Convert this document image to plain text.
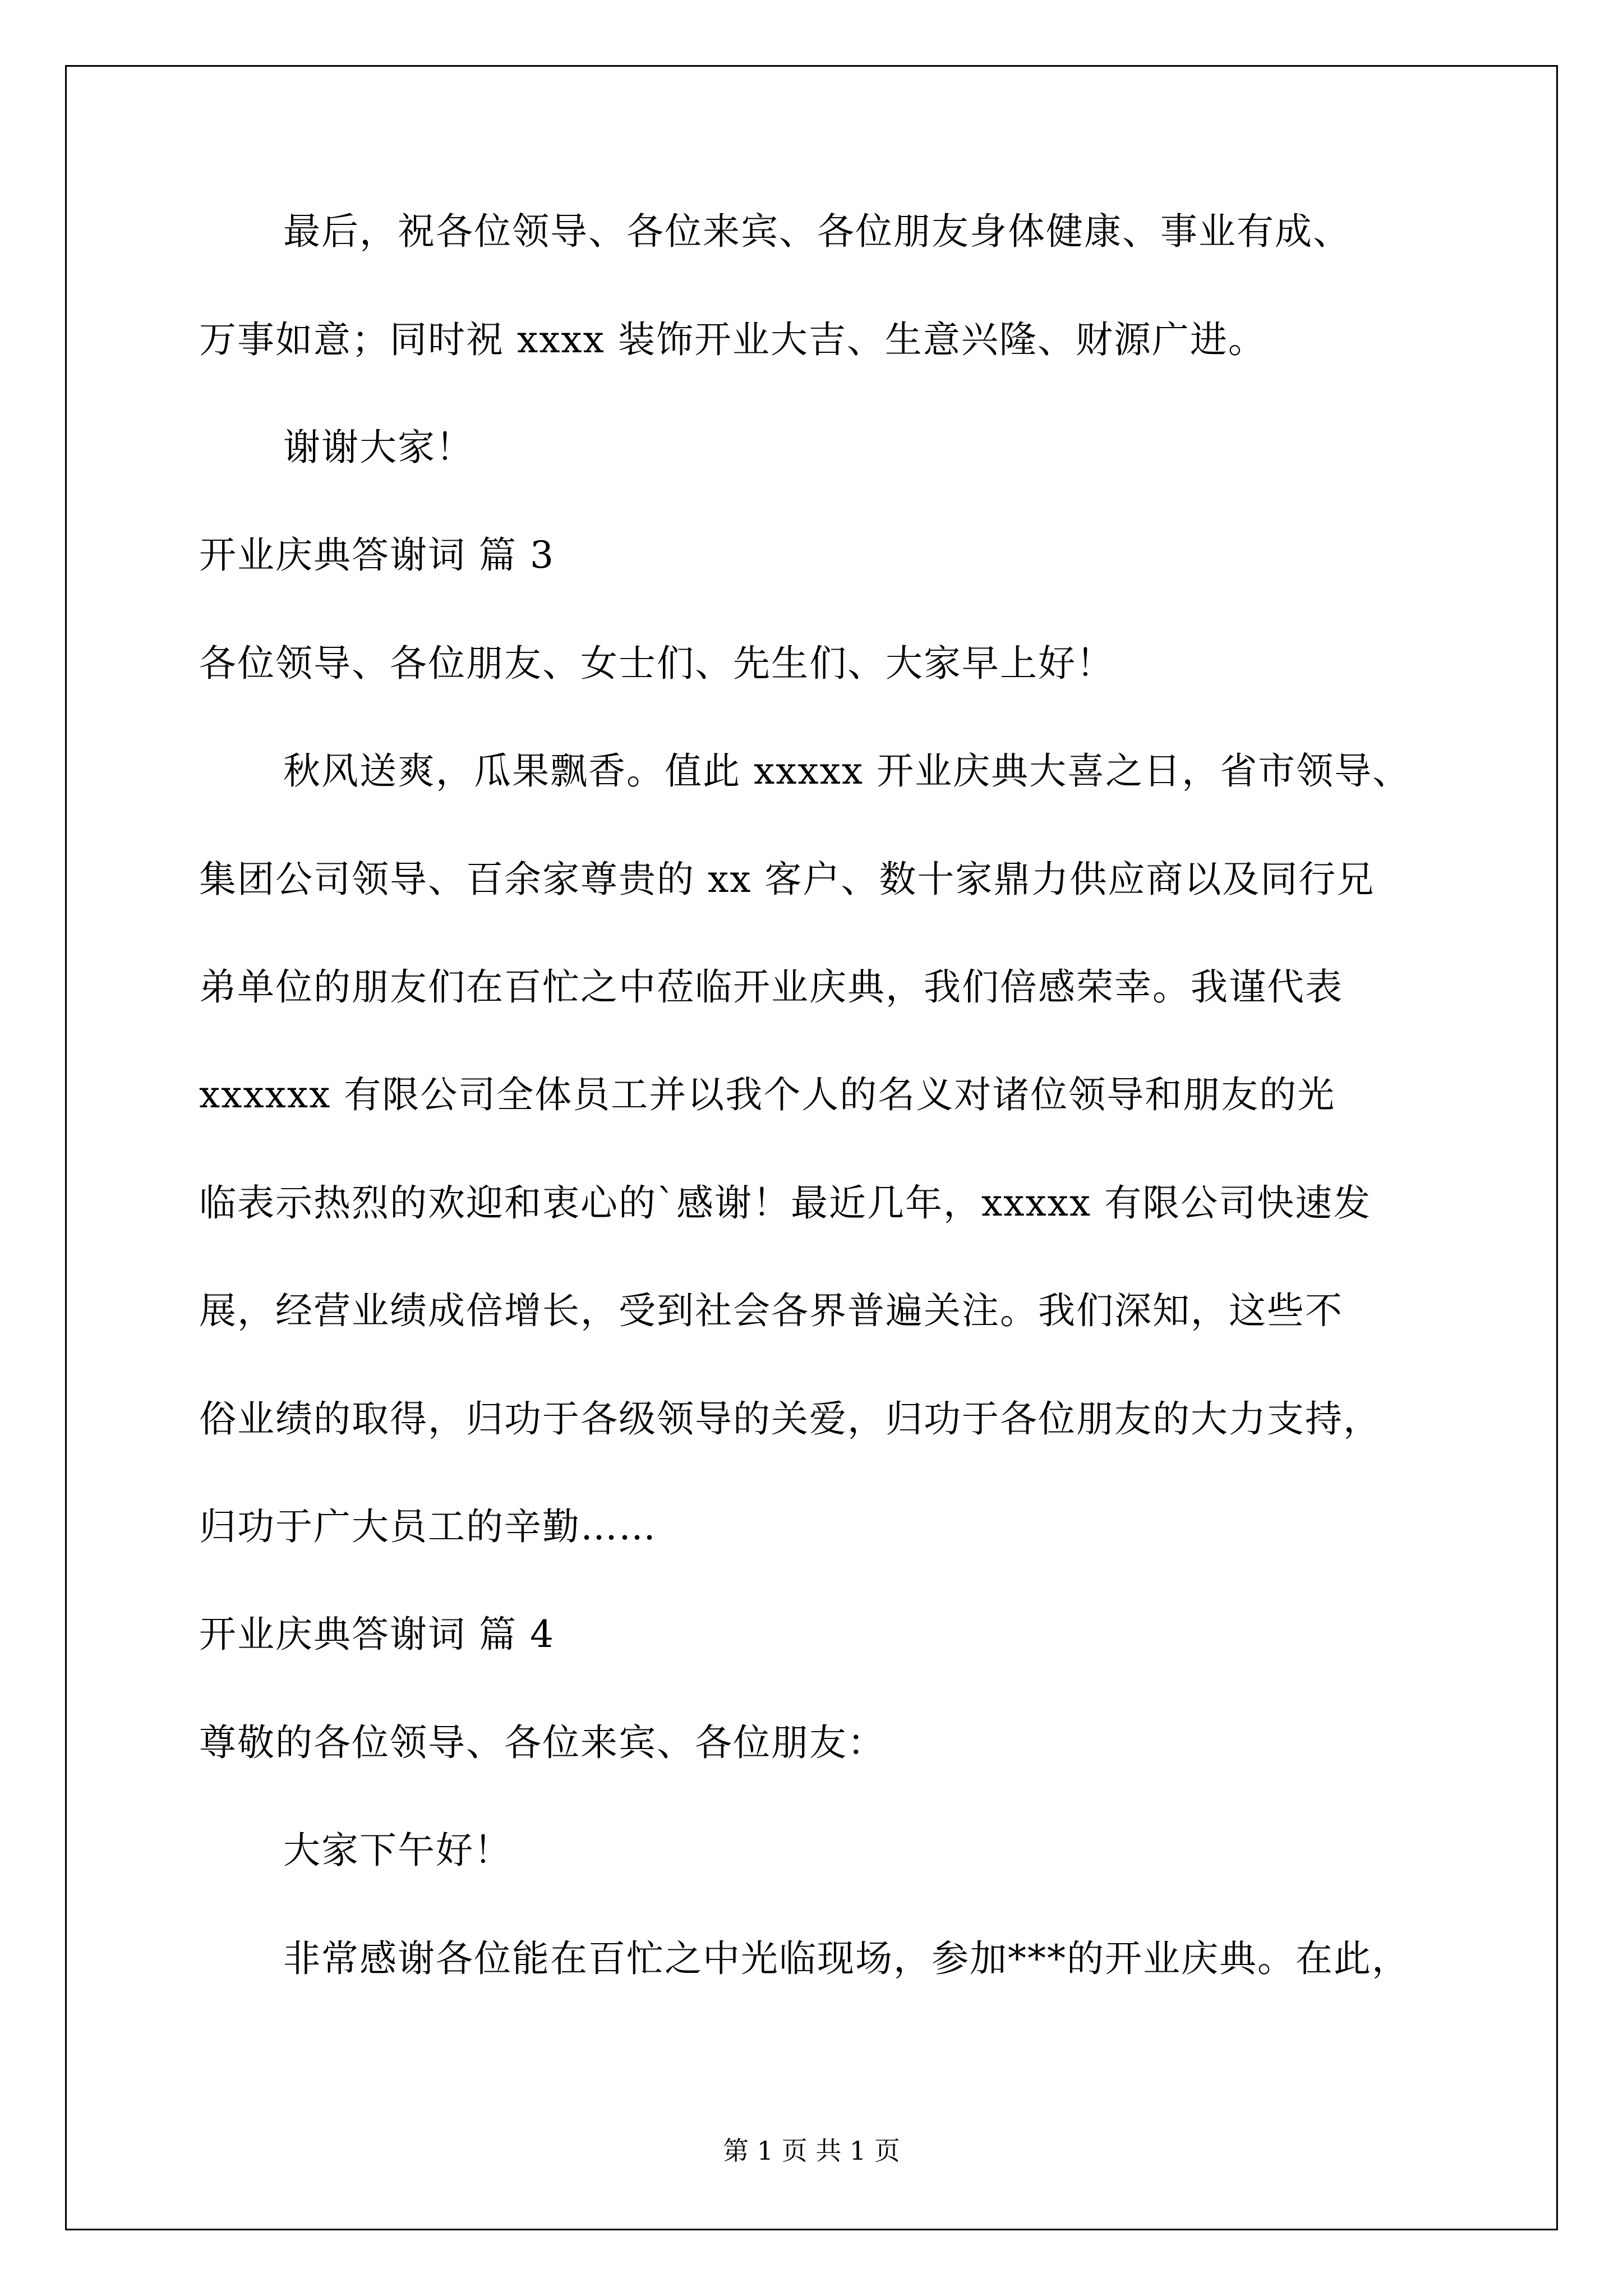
最后，祝各位领导、各位来宾、各位朋友身体健康、事业有成、
万事如意；同时祝 xxxx 装饰开业大吉、生意兴隆、财源广进。
谢谢大家！
开业庆典答谢词 篇 3
各位领导、各位朋友、女士们、先生们、大家早上好！
秋风送爽，瓜果飘香。值此 xxxxx 开业庆典大喜之日，省市领导、
集团公司领导、百余家尊贵的 xx 客户、数十家鼎力供应商以及同行兄
弟单位的朋友们在百忙之中莅临开业庆典，我们倍感荣幸。我谨代表
xxxxxx 有限公司全体员工并以我个人的名义对诸位领导和朋友的光
临表示热烈的欢迎和衷心的`感谢！最近几年，xxxxx 有限公司快速发
展，经营业绩成倍增长，受到社会各界普遍关注。我们深知，这些不
俗业绩的取得，归功于各级领导的关爱，归功于各位朋友的大力支持，
归功于广大员工的辛勤……
开业庆典答谢词 篇 4
尊敬的各位领导、各位来宾、各位朋友：
大家下午好！
非常感谢各位能在百忙之中光临现场，参加***的开业庆典。在此，
第 1 页 共 1 页
